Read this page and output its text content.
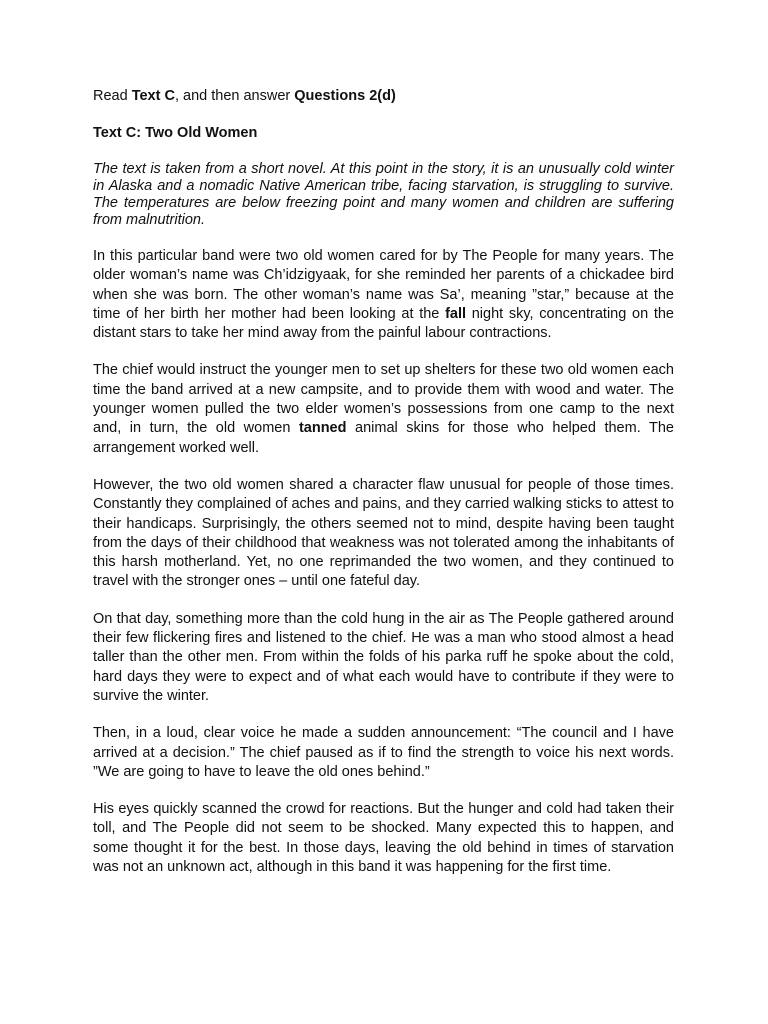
Read Text C, and then answer Questions 2(d)

Text C: Two Old Women

The text is taken from a short novel. At this point in the story, it is an unusually cold winter in Alaska and a nomadic Native American tribe, facing starvation, is struggling to survive. The temperatures are below freezing point and many women and children are suffering from malnutrition.

In this particular band were two old women cared for by The People for many years. The older woman’s name was Ch’idzigyaak, for she reminded her parents of a chickadee bird when she was born. The other woman’s name was Sa’, meaning ”star,” because at the time of her birth her mother had been looking at the fall night sky, concentrating on the distant stars to take her mind away from the painful labour contractions.

The chief would instruct the younger men to set up shelters for these two old women each time the band arrived at a new campsite, and to provide them with wood and water. The younger women pulled the two elder women’s possessions from one camp to the next and, in turn, the old women tanned animal skins for those who helped them. The arrangement worked well.

However, the two old women shared a character flaw unusual for people of those times. Constantly they complained of aches and pains, and they carried walking sticks to attest to their handicaps. Surprisingly, the others seemed not to mind, despite having been taught from the days of their childhood that weakness was not tolerated among the inhabitants of this harsh motherland. Yet, no one reprimanded the two women, and they continued to travel with the stronger ones – until one fateful day.

On that day, something more than the cold hung in the air as The People gathered around their few flickering fires and listened to the chief. He was a man who stood almost a head taller than the other men. From within the folds of his parka ruff he spoke about the cold, hard days they were to expect and of what each would have to contribute if they were to survive the winter.

Then, in a loud, clear voice he made a sudden announcement: “The council and I have arrived at a decision.” The chief paused as if to find the strength to voice his next words. ”We are going to have to leave the old ones behind.”

His eyes quickly scanned the crowd for reactions. But the hunger and cold had taken their toll, and The People did not seem to be shocked. Many expected this to happen, and some thought it for the best. In those days, leaving the old behind in times of starvation was not an unknown act, although in this band it was happening for the first time.
